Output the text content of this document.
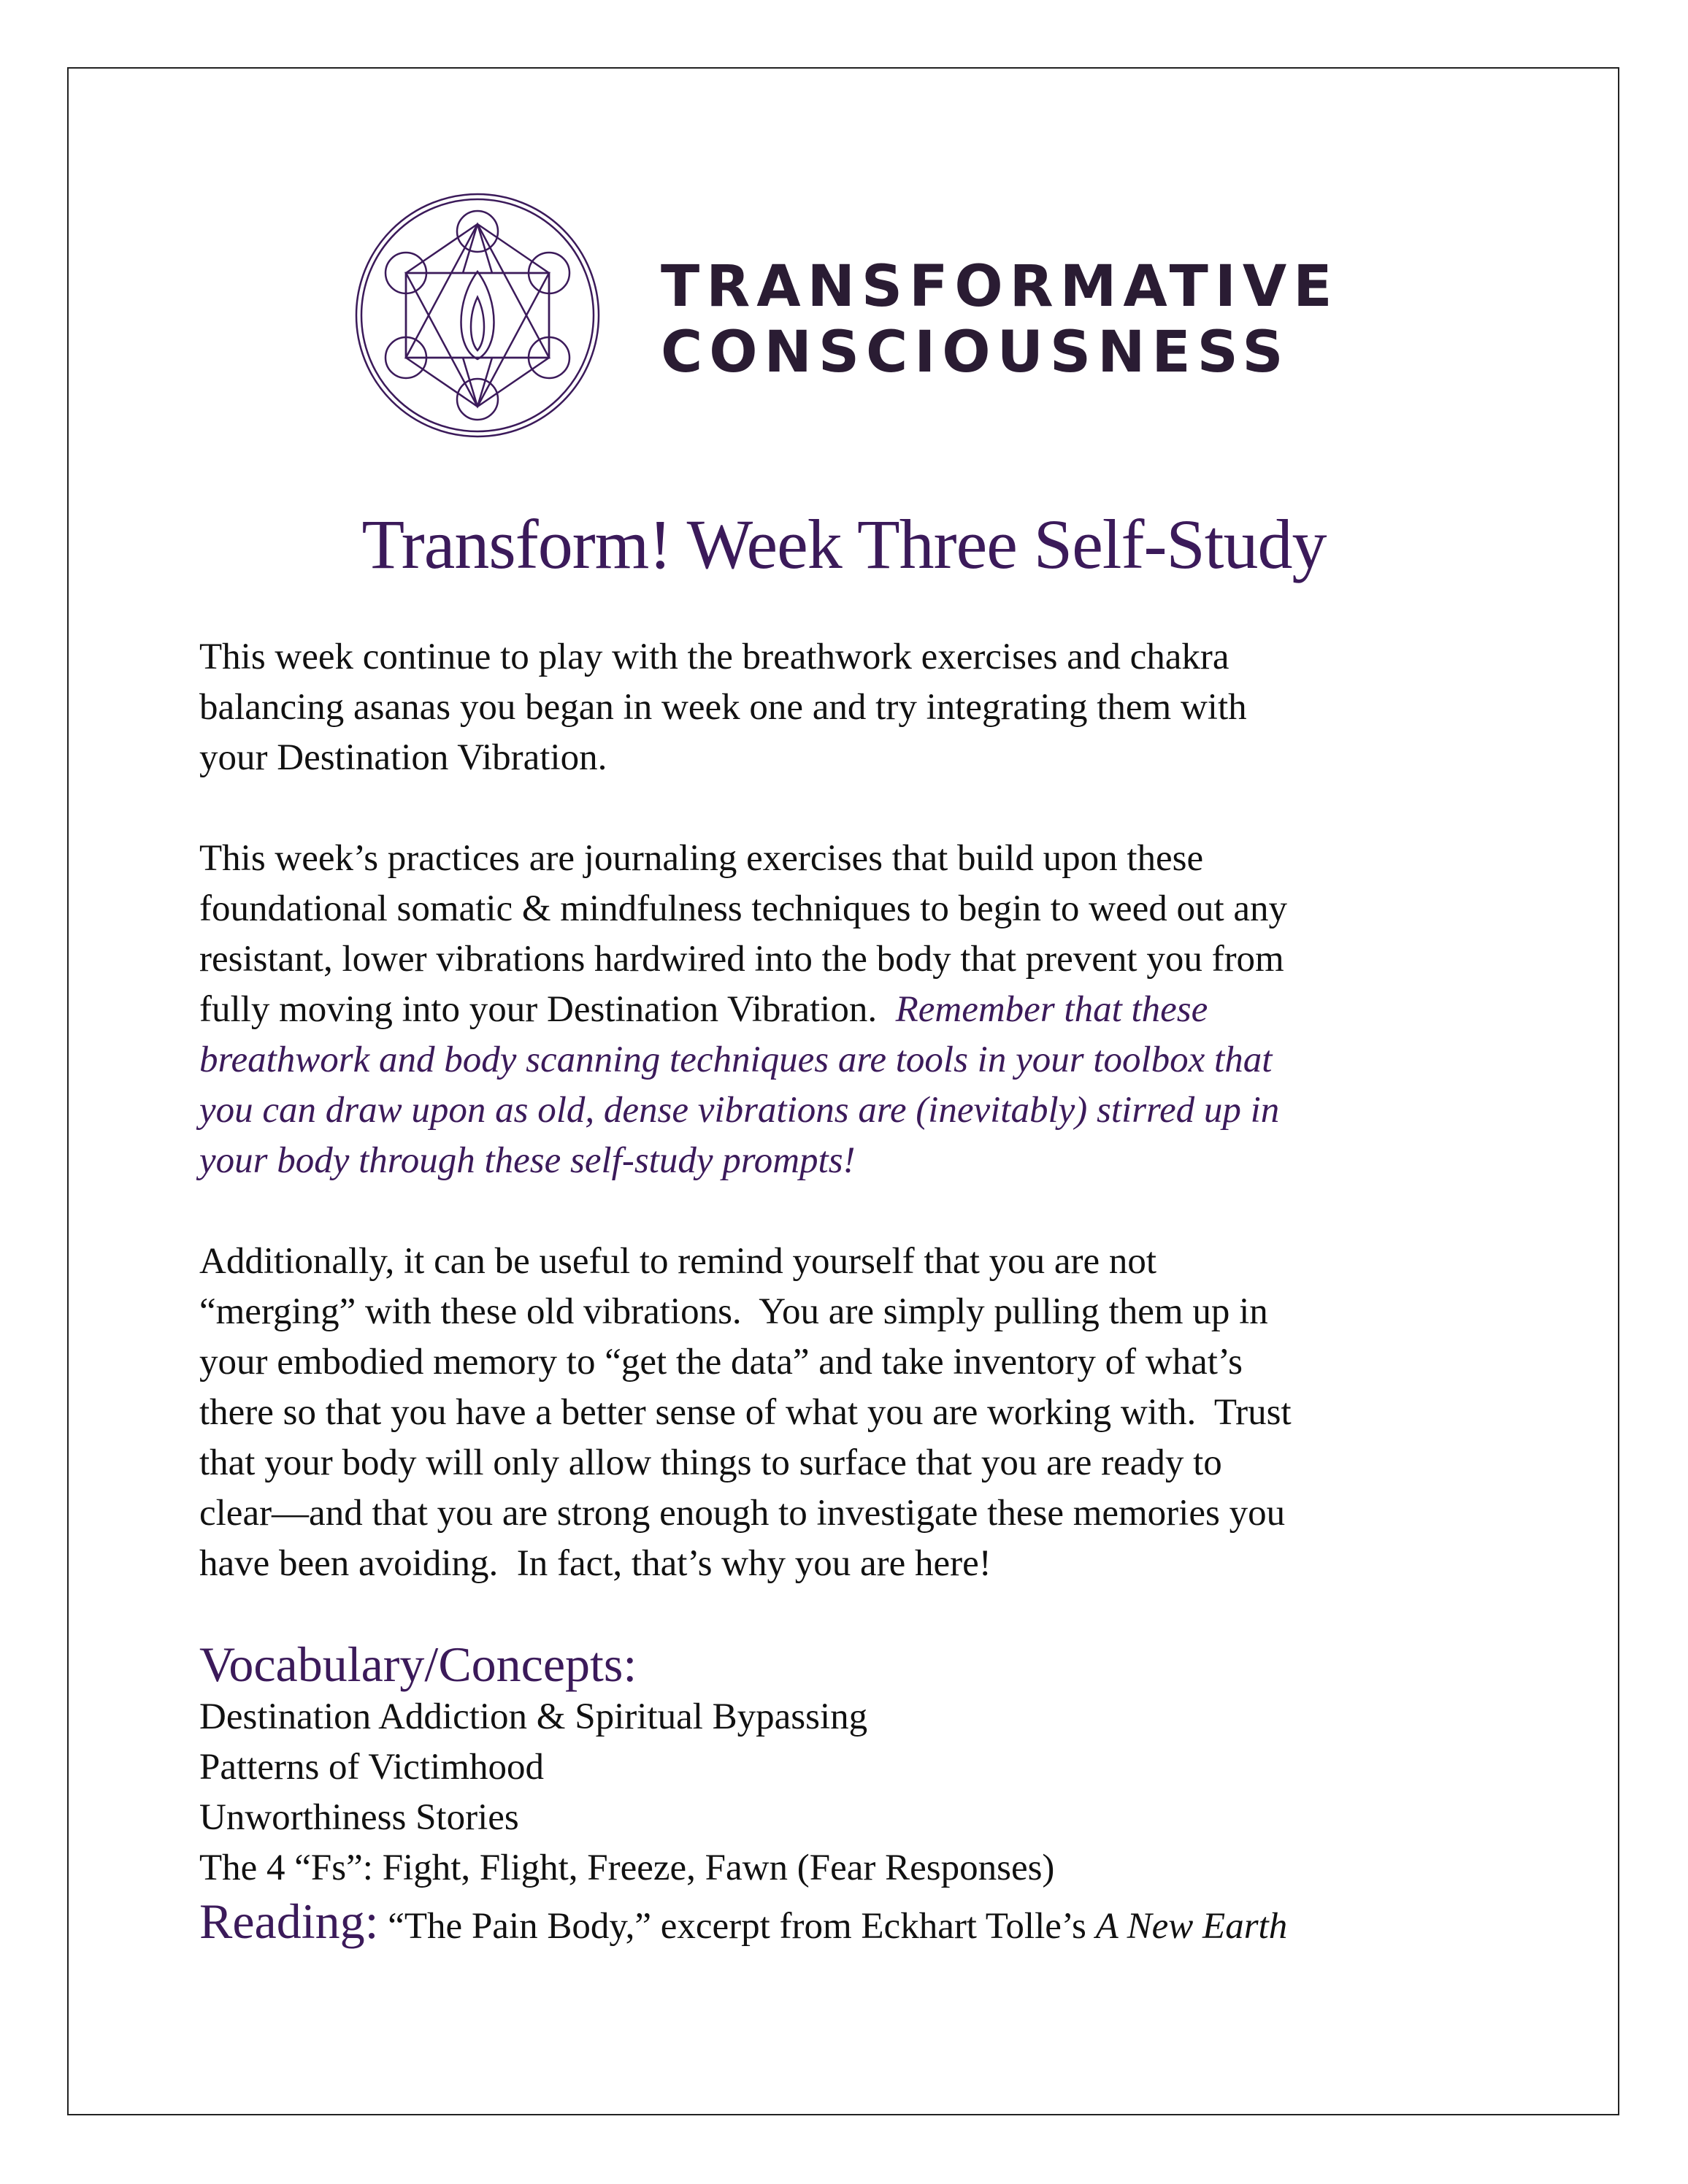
TRANSFORMATIVE
CONSCIOUSNESS
Transform! Week Three Self-Study
This week continue to play with the breathwork exercises and chakra
balancing asanas you began in week one and try integrating them with
your Destination Vibration.
This week’s practices are journaling exercises that build upon these
foundational somatic & mindfulness techniques to begin to weed out any
resistant, lower vibrations hardwired into the body that prevent you from
fully moving into your Destination Vibration.  Remember that these
breathwork and body scanning techniques are tools in your toolbox that
you can draw upon as old, dense vibrations are (inevitably) stirred up in
your body through these self-study prompts!
Additionally, it can be useful to remind yourself that you are not
“merging” with these old vibrations.  You are simply pulling them up in
your embodied memory to “get the data” and take inventory of what’s
there so that you have a better sense of what you are working with.  Trust
that your body will only allow things to surface that you are ready to
clear—and that you are strong enough to investigate these memories you
have been avoiding.  In fact, that’s why you are here!
Vocabulary/Concepts:
Destination Addiction & Spiritual Bypassing
Patterns of Victimhood
Unworthiness Stories
The 4 “Fs”: Fight, Flight, Freeze, Fawn (Fear Responses)
Reading: “The Pain Body,” excerpt from Eckhart Tolle’s A New Earth
